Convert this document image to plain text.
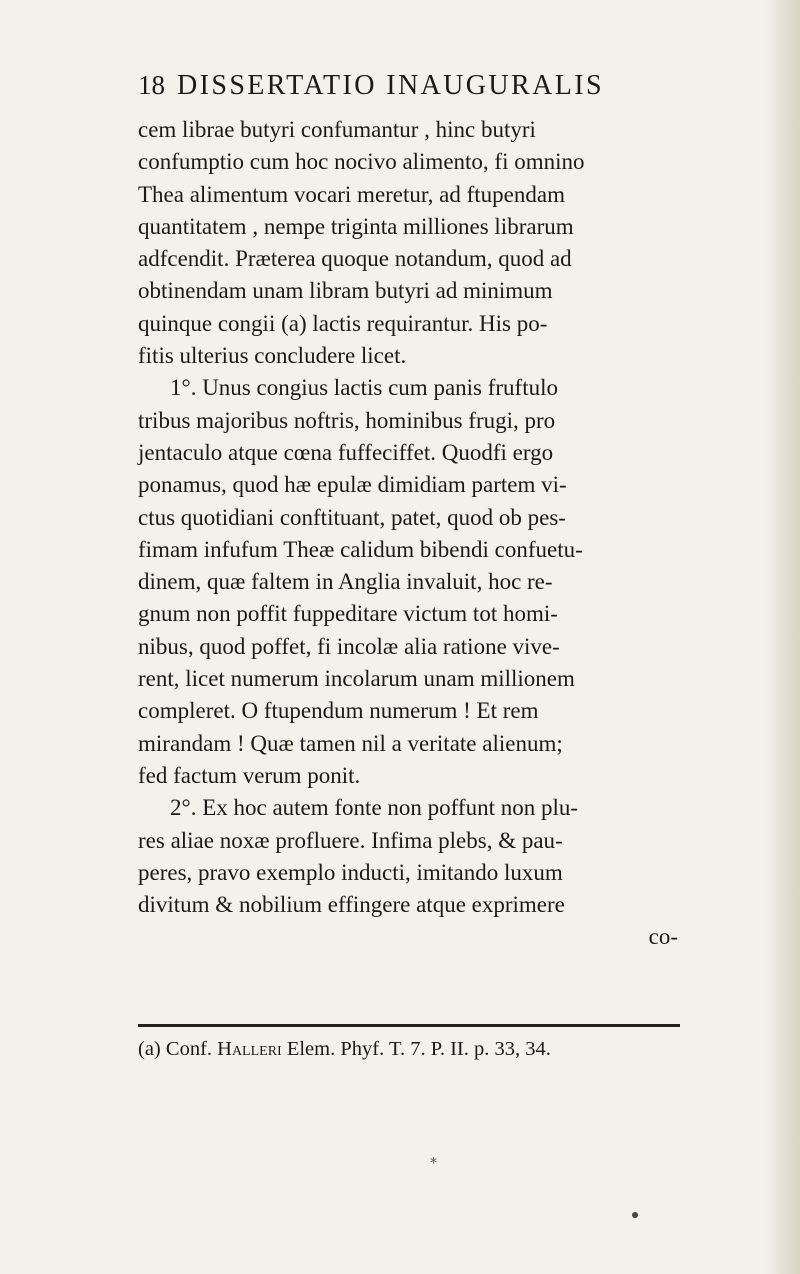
18 DISSERTATIO INAUGURALIS
cem librae butyri confumantur , hinc butyri
confumptio cum hoc nocivo alimento, fi omnino
Thea alimentum vocari meretur, ad ftupendam
quantitatem , nempe triginta milliones librarum
adfcendit. Præterea quoque notandum, quod ad
obtinendam unam libram butyri ad minimum
quinque congii (a) lactis requirantur. His po-
fitis ulterius concludere licet.
1°. Unus congius lactis cum panis fruftulo
tribus majoribus noftris, hominibus frugi, pro
jentaculo atque cœna fuffeciffet. Quodfi ergo
ponamus, quod hæ epulæ dimidiam partem vi-
ctus quotidiani conftituant, patet, quod ob pes-
fimam infufum Theæ calidum bibendi confuetu-
dinem, quæ faltem in Anglia invaluit, hoc re-
gnum non poffit fuppeditare victum tot homi-
nibus, quod poffet, fi incolæ alia ratione vive-
rent, licet numerum incolarum unam millionem
compleret. O ftupendum numerum ! Et rem
mirandam ! Quæ tamen nil a veritate alienum;
fed factum verum ponit.
2°. Ex hoc autem fonte non poffunt non plu-
res aliae noxæ profluere. Infima plebs, & pau-
peres, pravo exemplo inducti, imitando luxum
divitum & nobilium effingere atque exprimere
co-
(a) Conf. Halleri Elem. Phyf. T. 7. P. II. p. 33, 34.
⁎
